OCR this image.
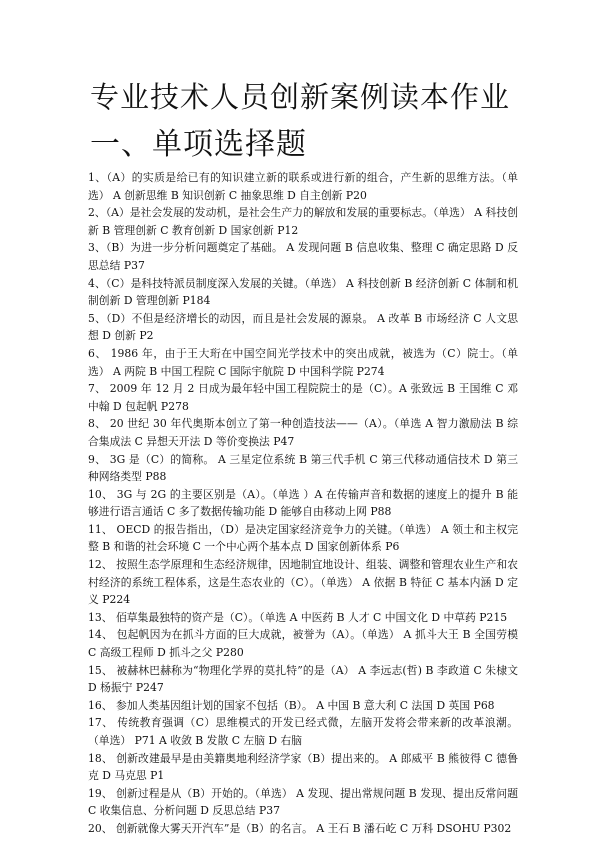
专业技术人员创新案例读本作业
一、单项选择题
1、（A）的实质是给已有的知识建立新的联系或进行新的组合，产生新的思维方法。（单选） A 创新思维 B 知识创新 C 抽象思维 D 自主创新 P20
2、（A）是社会发展的发动机，是社会生产力的解放和发展的重要标志。（单选） A 科技创新 B 管理创新 C 教育创新 D 国家创新 P12
3、（B）为进一步分析问题奠定了基础。 A 发现问题 B 信息收集、整理 C 确定思路 D 反思总结 P37
4、（C）是科技特派员制度深入发展的关键。（单选） A 科技创新 B 经济创新 C 体制和机制创新 D 管理创新 P184
5、（D）不但是经济增长的动因，而且是社会发展的源泉。 A 改革 B 市场经济 C 人文思想 D 创新 P2
6、 1986 年，由于王大珩在中国空间光学技术中的突出成就，被选为（C）院士。（单选） A 两院 B 中国工程院 C 国际宇航院 D 中国科学院 P274
7、 2009 年 12 月 2 日成为最年轻中国工程院院士的是（C）。A 张致远 B 王国维 C 邓中翰 D 包起帆 P278
8、 20 世纪 30 年代奥斯本创立了第一种创造技法——（A）。（单选 A 智力激励法 B 综合集成法 C 异想天开法 D 等价变换法 P47
9、 3G 是（C）的简称。 A 三星定位系统 B 第三代手机 C 第三代移动通信技术 D 第三种网络类型 P88
10、 3G 与 2G 的主要区别是（A）。（单选 ）A 在传输声音和数据的速度上的提升 B 能够进行语言通话 C 多了数据传输功能 D 能够自由移动上网 P88
11、 OECD 的报告指出，（D）是决定国家经济竞争力的关键。（单选） A 领土和主权完整 B 和谐的社会环境 C 一个中心两个基本点 D 国家创新体系 P6
12、 按照生态学原理和生态经济规律，因地制宜地设计、组装、调整和管理农业生产和农村经济的系统工程体系，这是生态农业的（C）。（单选） A 依据 B 特征 C 基本内涵 D 定义 P224
13、 佰草集最独特的资产是（C）。（单选 A 中医药 B 人才 C 中国文化 D 中草药 P215
14、 包起帆因为在抓斗方面的巨大成就，被誉为（A）。（单选） A 抓斗大王 B 全国劳模 C 高级工程师 D 抓斗之父 P280
15、 被赫林巴赫称为“物理化学界的莫扎特”的是（A） A 李远志(哲) B 李政道 C 朱棣文 D 杨振宁 P247
16、 参加人类基因组计划的国家不包括（B）。 A 中国 B 意大利 C 法国 D 英国 P68
17、 传统教育强调（C）思维模式的开发已经式微，左脑开发将会带来新的改革浪潮。（单选） P71 A 收敛 B 发散 C 左脑 D 右脑
18、 创新改建最早是由美籍奥地利经济学家（B）提出来的。 A 郎威平 B 熊彼得 C 德鲁克 D 马克思 P1
19、 创新过程是从（B）开始的。（单选） A 发现、提出常规问题 B 发现、提出反常问题 C 收集信息、分析问题 D 反思总结 P37
20、 创新就像大雾天开汽车”是（B）的名言。 A 王石 B 潘石屹 C 万科 DSOHU P302
